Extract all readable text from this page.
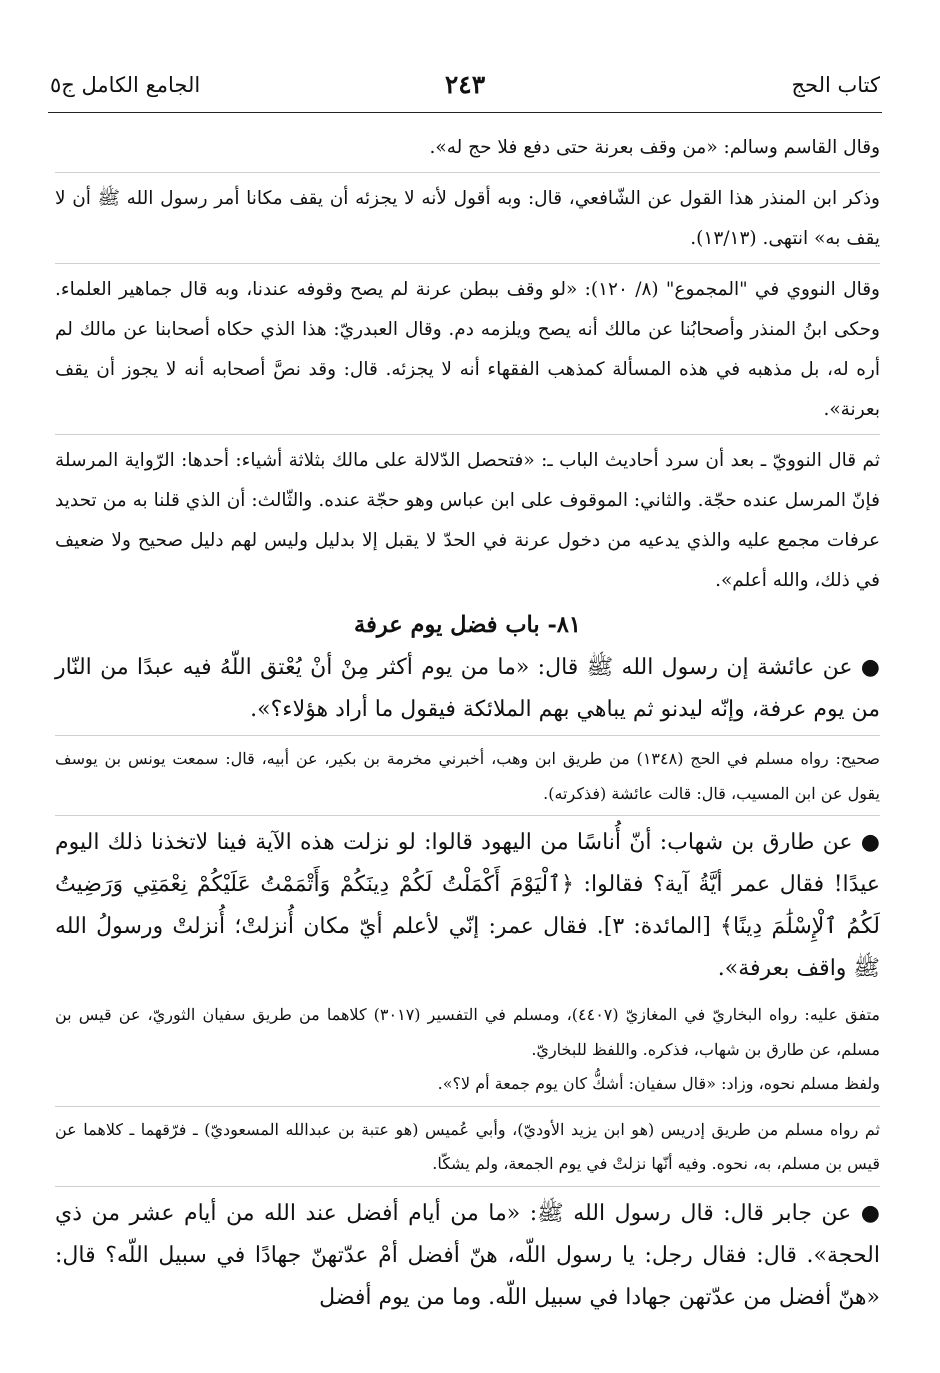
كتاب الحج
٢٤٣
الجامع الكامل ج٥

وقال القاسم وسالم: «من وقف بعرنة حتى دفع فلا حج له».

وذكر ابن المنذر هذا القول عن الشّافعي، قال: وبه أقول لأنه لا يجزئه أن يقف مكانا أمر رسول الله ﷺ أن لا يقف به» انتهى. (١٣/١٣).

وقال النووي في "المجموع" (٨/ ١٢٠): «لو وقف ببطن عرنة لم يصح وقوفه عندنا، وبه قال جماهير العلماء. وحكى ابنُ المنذر وأصحابُنا عن مالك أنه يصح ويلزمه دم. وقال العبدريّ: هذا الذي حكاه أصحابنا عن مالك لم أره له، بل مذهبه في هذه المسألة كمذهب الفقهاء أنه لا يجزئه. قال: وقد نصَّ أصحابه أنه لا يجوز أن يقف بعرنة».

ثم قال النوويّ ـ بعد أن سرد أحاديث الباب ـ: «فتحصل الدّلالة على مالك بثلاثة أشياء: أحدها: الرّواية المرسلة فإنّ المرسل عنده حجّة. والثاني: الموقوف على ابن عباس وهو حجّة عنده. والثّالث: أن الذي قلنا به من تحديد عرفات مجمع عليه والذي يدعيه من دخول عرنة في الحدّ لا يقبل إلا بدليل وليس لهم دليل صحيح ولا ضعيف في ذلك، والله أعلم».

٨١- باب فضل يوم عرفة

● عن عائشة إن رسول الله ﷺ قال: «ما من يوم أكثر مِنْ أنْ يُعْتق اللّهُ فيه عبدًا من النّار من يوم عرفة، وإنّه ليدنو ثم يباهي بهم الملائكة فيقول ما أراد هؤلاء؟».

صحيح: رواه مسلم في الحج (١٣٤٨) من طريق ابن وهب، أخبرني مخرمة بن بكير، عن أبيه، قال: سمعت يونس بن يوسف يقول عن ابن المسيب، قال: قالت عائشة (فذكرته).

● عن طارق بن شهاب: أنّ أُناسًا من اليهود قالوا: لو نزلت هذه الآية فينا لاتخذنا ذلك اليوم عيدًا! فقال عمر أيَّةُ آية؟ فقالوا: ﴿ٱلْيَوْمَ أَكْمَلْتُ لَكُمْ دِينَكُمْ وَأَتْمَمْتُ عَلَيْكُمْ نِعْمَتِي وَرَضِيتُ لَكُمُ ٱلْإِسْلَٰمَ دِينًا﴾ [المائدة: ٣]. فقال عمر: إنّي لأعلم أيّ مكان أُنزلتْ؛ أُنزلتْ ورسولُ الله ﷺ واقف بعرفة».

متفق عليه: رواه البخاريّ في المغازيّ (٤٤٠٧)، ومسلم في التفسير (٣٠١٧) كلاهما من طريق سفيان الثوريّ، عن قيس بن مسلم، عن طارق بن شهاب، فذكره. واللفظ للبخاريّ.

ولفظ مسلم نحوه، وزاد: «قال سفيان: أشكُّ كان يوم جمعة أم لا؟».

ثم رواه مسلم من طريق إدريس (هو ابن يزيد الأوديّ)، وأبي عُميس (هو عتبة بن عبدالله المسعوديّ) ـ فرّقهما ـ كلاهما عن قيس بن مسلم، به، نحوه. وفيه أنّها نزلتْ في يوم الجمعة، ولم يشكّا.

● عن جابر قال: قال رسول الله ﷺ: «ما من أيام أفضل عند الله من أيام عشر من ذي الحجة». قال: فقال رجل: يا رسول اللّه، هنّ أفضل أمْ عدّتهنّ جهادًا في سبيل اللّه؟ قال: «هنّ أفضل من عدّتهن جهادا في سبيل اللّه. وما من يوم أفضل
